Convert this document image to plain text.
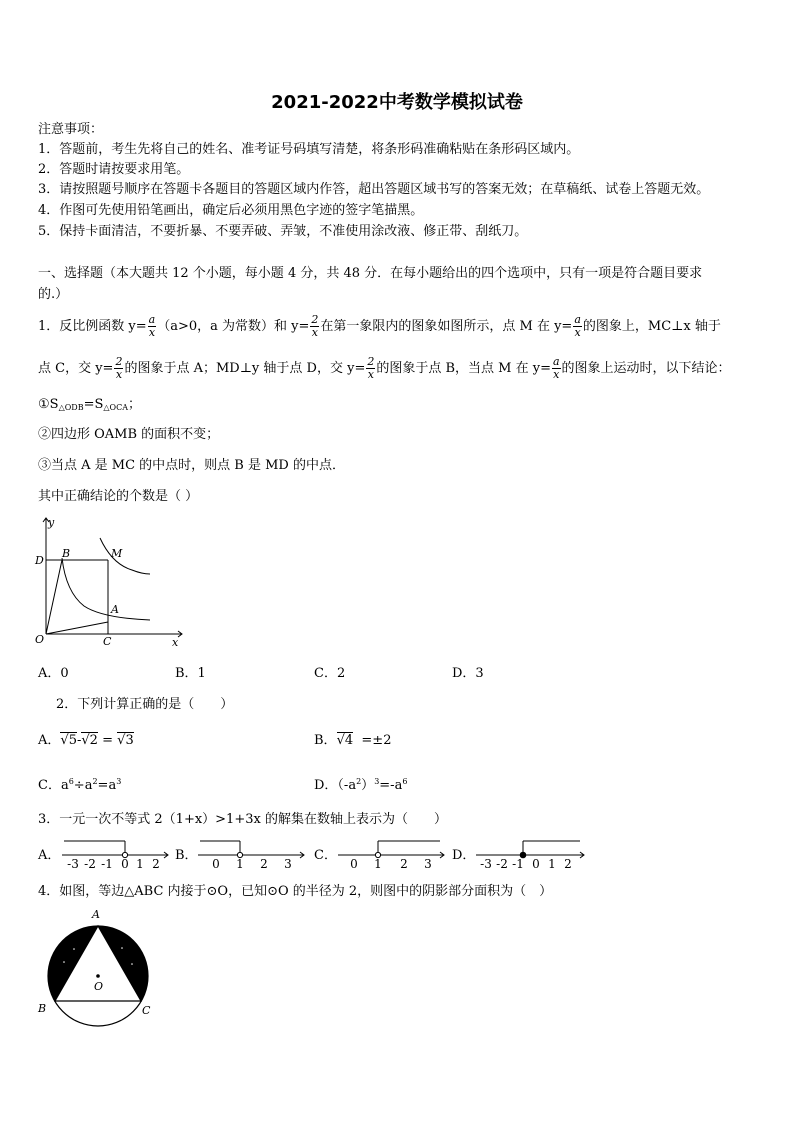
2021-2022中考数学模拟试卷
注意事项：
1．答题前，考生先将自己的姓名、准考证号码填写清楚，将条形码准确粘贴在条形码区域内。
2．答题时请按要求用笔。
3．请按照题号顺序在答题卡各题目的答题区域内作答，超出答题区域书写的答案无效；在草稿纸、试卷上答题无效。
4．作图可先使用铅笔画出，确定后必须用黑色字迹的签字笔描黑。
5．保持卡面清洁，不要折暴、不要弄破、弄皱，不准使用涂改液、修正带、刮纸刀。
一、选择题（本大题共 12 个小题，每小题 4 分，共 48 分．在每小题给出的四个选项中，只有一项是符合题目要求
的.）
1．反比例函数 $y= \frac{a}{x} (a>0$，a 为常数）和 $y= \frac{2}{x}$ 在第一象限内的图象如图所示，点 M 在 $y= \frac{a}{x}$ 的图象上，MC⊥x 轴于
点 C，交 $y= \frac{2}{x}$ 的图象于点 A；MD⊥y 轴于点 D，交 $y= \frac{2}{x}$ 的图象于点 B，当点 M 在 $y= \frac{a}{x}$ 的图象上运动时，以下结论：
$①S_{\triangle ODB}=S_{\triangle OCA}$；
②四边形 OAMB 的面积不变；
③当点 A 是 MC 的中点时，则点 B 是 MD 的中点．
其中正确结论的个数是（ ）
y
x
D
B	M
A
O	C
A．0	B．1	C．2	D．3
2．下列计算正确的是（　　）
A．√5-√2 = √3	B．√4 =±2
C．$a^6\div a^2=a^3$	D．$(-a^2)^3=-a^6$
3．一元一次不等式 2（1+x）>1+3x 的解集在数轴上表示为（　　）
A．
-3 -2 -1 0 1 2
B．
0 1 2 3
C．
0 1 2 3
D．
-3 -2 -1 0 1 2
4．如图，等边△ABC 内接于⊙O，已知⊙O 的半径为 2，则图中的阴影部分面积为（　）
A
B	C
O
